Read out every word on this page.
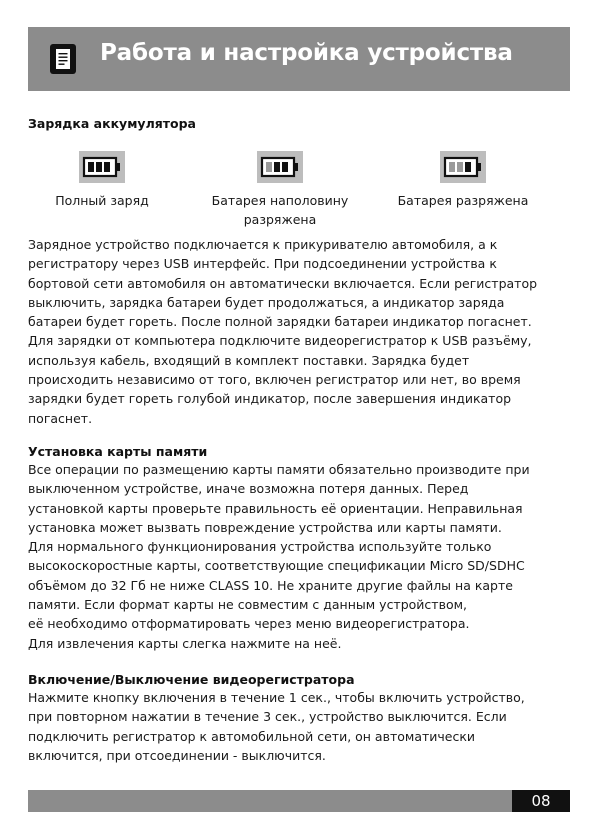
Работа и настройка устройства
Зарядка аккумулятора
Полный заряд	Батарея наполовину
разряжена
Батарея разряжена
Зарядное устройство подключается к прикуривателю автомобиля, а к
регистратору через USB интерфейс. При подсоединении устройства к
бортовой сети автомобиля он автоматически включается. Если регистратор
выключить, зарядка батареи будет продолжаться, а индикатор заряда
батареи будет гореть. После полной зарядки батареи индикатор погаснет.
Для зарядки от компьютера подключите видеорегистратор к USB разъёму,
используя кабель, входящий в комплект поставки. Зарядка будет
происходить независимо от того, включен регистратор или нет, во время
зарядки будет гореть голубой индикатор, после завершения индикатор
погаснет.
Установка карты памяти
Все операции по размещению карты памяти обязательно производите при
выключенном устройстве, иначе возможна потеря данных. Перед
установкой карты проверьте правильность её ориентации. Неправильная
установка может вызвать повреждение устройства или карты памяти.
Для нормального функционирования устройства используйте только
высокоскоростные карты, соответствующие спецификации Micro SD/SDHC
объёмом до 32 Гб не ниже CLASS 10. Не храните другие файлы на карте
памяти. Если формат карты не совместим с данным устройством,
её необходимо отформатировать через меню видеорегистратора.
Для извлечения карты слегка нажмите на неё.
Включение/Выключение видеорегистратора
Нажмите кнопку включения в течение 1 сек., чтобы включить устройство,
при повторном нажатии в течение 3 сек., устройство выключится. Если
подключить регистратор к автомобильной сети, он автоматически
включится, при отсоединении - выключится.
08
